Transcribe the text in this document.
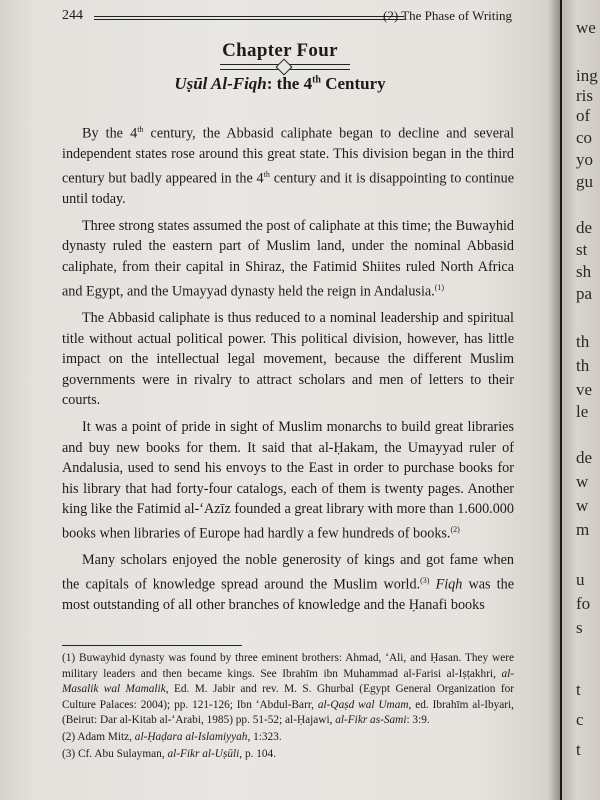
244	(2) The Phase of Writing
Chapter Four
Uṣūl Al-Fiqh: the 4th Century

By the 4th century, the Abbasid caliphate began to decline and several independent states rose around this great state. This division began in the third century but badly appeared in the 4th century and it is disappointing to continue until today.

Three strong states assumed the post of caliphate at this time; the Buwayhid dynasty ruled the eastern part of Muslim land, under the nominal Abbasid caliphate, from their capital in Shiraz, the Fatimid Shiites ruled North Africa and Egypt, and the Umayyad dynasty held the reign in Andalusia.$^{(1)}$

The Abbasid caliphate is thus reduced to a nominal leadership and spiritual title without actual political power. This political division, however, has little impact on the intellectual legal movement, because the different Muslim governments were in rivalry to attract scholars and men of letters to their courts.

It was a point of pride in sight of Muslim monarchs to build great libraries and buy new books for them. It said that al-Ḥakam, the Umayyad ruler of Andalusia, used to send his envoys to the East in order to purchase books for his library that had forty-four catalogs, each of them is twenty pages. Another king like the Fatimid al-‘Azīz founded a great library with more than 1.600.000 books when libraries of Europe had hardly a few hundreds of books.$^{(2)}$

Many scholars enjoyed the noble generosity of kings and got fame when the capitals of knowledge spread around the Muslim world.$^{(3)}$ Fiqh was the most outstanding of all other branches of knowledge and the Ḥanafi books

(1) Buwayhid dynasty was found by three eminent brothers: Ahmad, ‘Ali, and Ḥasan. They were military leaders and then became kings. See Ibrahīm ibn Muhammad al-Farisi al-Iṣṭakhri, al-Masalik wal Mamalik, Ed. M. Jabir and rev. M. S. Ghurbal (Egypt General Organization for Culture Palaces: 2004); pp. 121-126; Ibn ‘Abdul-Barr, al-Qaṣd wal Umam, ed. Ibrahīm al-Ibyari, (Beirut: Dar al-Kitab al-‘Arabi, 1985) pp. 51-52; al-Ḥajawi, al-Fikr as-Sami: 3:9.
(2) Adam Mitz, al-Ḥaḍara al-Islamiyyah, 1:323.
(3) Cf. Abu Sulayman, al-Fikr al-Uṣūli, p. 104.
we
ing
ris
of
co
yo
gu
de
st
sh
pa
th
th
ve
le
de
w
w
m
u
fo
s
t
c
t
